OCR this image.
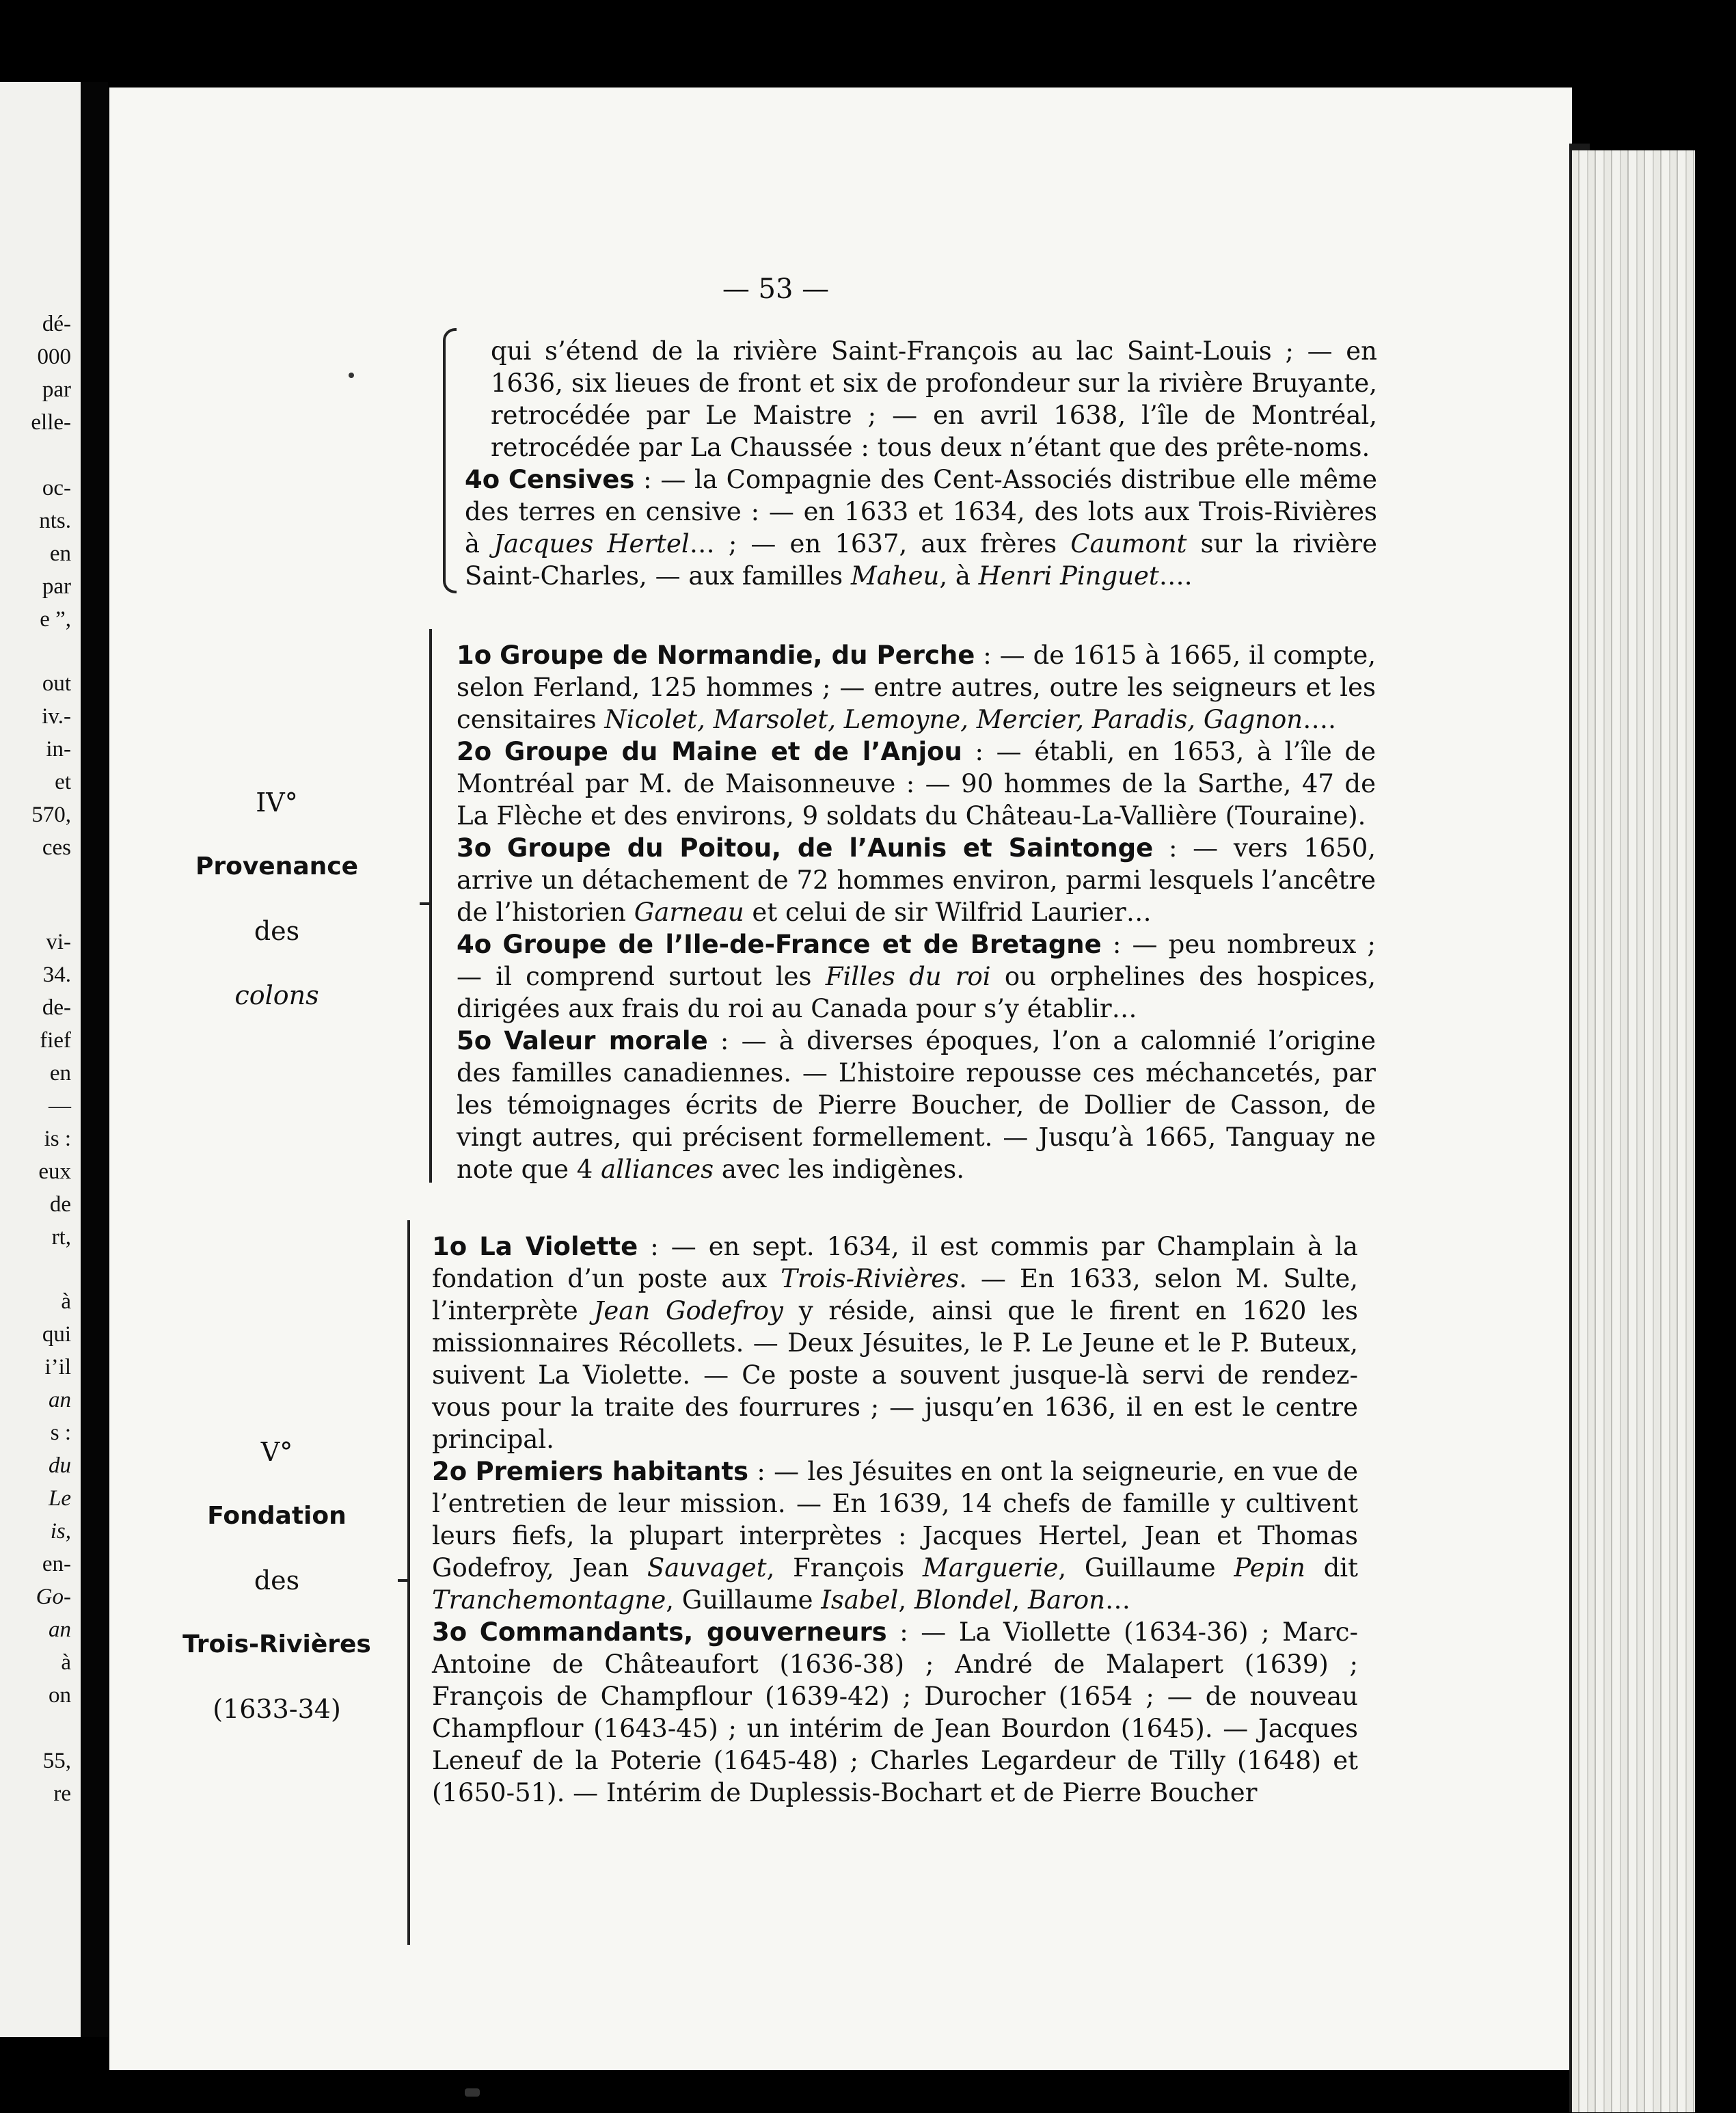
dé-
000
par
elle-
oc-
nts.
en
par
e ”,
out
iv.-
in-
et
570,
ces
vi-
34.
de-
fief
en
—
is :
eux
de
rt,
à
qui
i’il
an
s :
du
Le
is,
en-
Go-
an
à
on
55,
re
— 53 —

qui s’étend de la rivière Saint-François au lac Saint-Louis ; — en 1636, six lieues de front et six de profondeur sur la rivière Bruyante, retrocédée par Le Maistre ; — en avril 1638, l’île de Montréal, retrocédée par La Chaussée : tous deux n’étant que des prête-noms.

4o Censives : — la Compagnie des Cent-Associés distribue elle même des terres en censive : — en 1633 et 1634, des lots aux Trois-Rivières à Jacques Hertel… ; — en 1637, aux frères Caumont sur la rivière Saint-Charles, — aux familles Maheu, à Henri Pinguet….

IV°
Provenance
des
colons

1o Groupe de Normandie, du Perche : — de 1615 à 1665, il compte, selon Ferland, 125 hommes ; — entre autres, outre les seigneurs et les censitaires Nicolet, Marsolet, Lemoyne, Mercier, Paradis, Gagnon….

2o Groupe du Maine et de l’Anjou : — établi, en 1653, à l’île de Montréal par M. de Maisonneuve : — 90 hommes de la Sarthe, 47 de La Flèche et des environs, 9 soldats du Château-La-Vallière (Touraine).

3o Groupe du Poitou, de l’Aunis et Saintonge : — vers 1650, arrive un détachement de 72 hommes environ, parmi lesquels l’ancêtre de l’historien Garneau et celui de sir Wilfrid Laurier…

4o Groupe de l’Ile-de-France et de Bretagne : — peu nombreux ; — il comprend surtout les Filles du roi ou orphelines des hospices, dirigées aux frais du roi au Canada pour s’y établir…

5o Valeur morale : — à diverses époques, l’on a calomnié l’origine des familles canadiennes. — L’histoire repousse ces méchancetés, par les témoignages écrits de Pierre Boucher, de Dollier de Casson, de vingt autres, qui précisent formellement. — Jusqu’à 1665, Tanguay ne note que 4 alliances avec les indigènes.

V°
Fondation
des
Trois-Rivières
(1633-34)

1o La Violette : — en sept. 1634, il est commis par Champlain à la fondation d’un poste aux Trois-Rivières. — En 1633, selon M. Sulte, l’interprète Jean Godefroy y réside, ainsi que le firent en 1620 les missionnaires Récollets. — Deux Jésuites, le P. Le Jeune et le P. Buteux, suivent La Violette. — Ce poste a souvent jusque-là servi de rendez-vous pour la traite des fourrures ; — jusqu’en 1636, il en est le centre principal.

2o Premiers habitants : — les Jésuites en ont la seigneurie, en vue de l’entretien de leur mission. — En 1639, 14 chefs de famille y cultivent leurs fiefs, la plupart interprètes : Jacques Hertel, Jean et Thomas Godefroy, Jean Sauvaget, François Marguerie, Guillaume Pepin dit Tranchemontagne, Guillaume Isabel, Blondel, Baron…

3o Commandants, gouverneurs : — La Viollette (1634-36) ; Marc-Antoine de Châteaufort (1636-38) ; André de Malapert (1639) ; François de Champflour (1639-42) ; Durocher (1654 ; — de nouveau Champflour (1643-45) ; un intérim de Jean Bourdon (1645). — Jacques Leneuf de la Poterie (1645-48) ; Charles Legardeur de Tilly (1648) et (1650-51). — Intérim de Duplessis-Bochart et de Pierre Boucher
